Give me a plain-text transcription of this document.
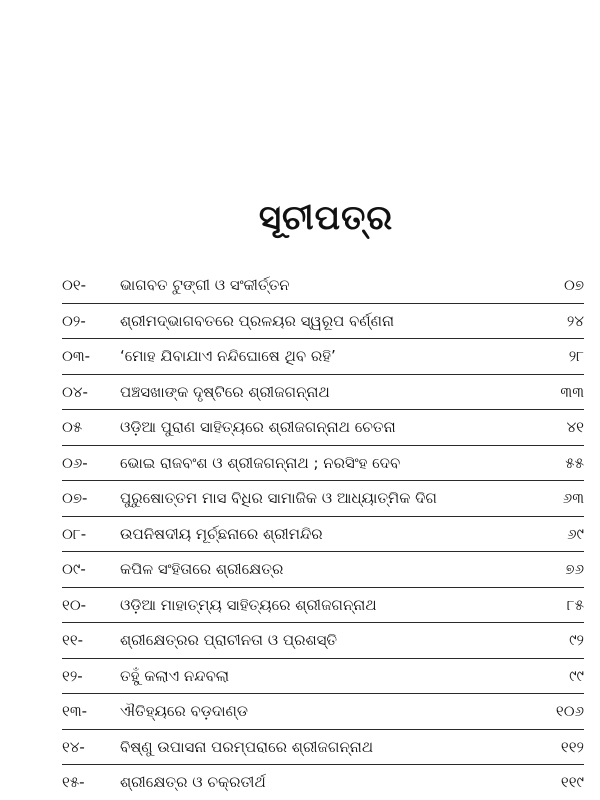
ସୂଚୀପତ୍ର
୦୧-	ଭାଗବତ ଟୁଙ୍ଗୀ ଓ ସଂକୀର୍ତ୍ତନ	୦୭
୦୨-	ଶ୍ରୀମଦ୍‌ଭାଗବତରେ ପ୍ରଳୟର ସ୍ୱରୂପ ବର୍ଣ୍ଣନା	୨୪
୦୩-	‘ମୋହ ଯିବାଯାଏ ନନ୍ଦିଘୋଷେ ଥିବ ରହି’	୨୮
୦୪-	ପଞ୍ଚସଖାଙ୍କ ଦୃଷ୍ଟିରେ ଶ୍ରୀଜଗନ୍ନାଥ	୩୩
୦୫	ଓଡ଼ିଆ ପୁରାଣ ସାହିତ୍ୟରେ ଶ୍ରୀଜଗନ୍ନାଥ ଚେତନା	୪୧
୦୬-	ଭୋଇ ରାଜବଂଶ ଓ ଶ୍ରୀଜଗନ୍ନାଥ ; ନରସିଂହ ଦେବ	୫୫
୦୭-	ପୁରୁଷୋତ୍ତମ ମାସ ବିଧିର ସାମାଜିକ ଓ ଆଧ୍ୟାତ୍ମିକ ଦିଗ	୬୩
୦୮-	ଉପନିଷଦୀୟ ମୂର୍ଚ୍ଛନାରେ ଶ୍ରୀମନ୍ଦିର	୬୯
୦୯-	କପିଳ ସଂହିତାରେ ଶ୍ରୀକ୍ଷେତ୍ର	୭୬
୧୦-	ଓଡ଼ିଆ ମାହାତ୍ମ୍ୟ ସାହିତ୍ୟରେ ଶ୍ରୀଜଗନ୍ନାଥ	୮୫
୧୧-	ଶ୍ରୀକ୍ଷେତ୍ରର ପ୍ରାଚୀନତା ଓ ପ୍ରଶସ୍ତି	୯୨
୧୨-	ତହୁଁ କଲାଏ ନନ୍ଦବଲା	୯୯
୧୩-	ଐତିହ୍ୟରେ ବଡ଼ଦାଣ୍ଡ	୧୦୬
୧୪-	ବିଷ୍ଣୁ ଉପାସନା ପରମ୍ପରାରେ ଶ୍ରୀଜଗନ୍ନାଥ	୧୧୨
୧୫-	ଶ୍ରୀକ୍ଷେତ୍ର ଓ ଚକ୍ରତୀର୍ଥ	୧୧୯
